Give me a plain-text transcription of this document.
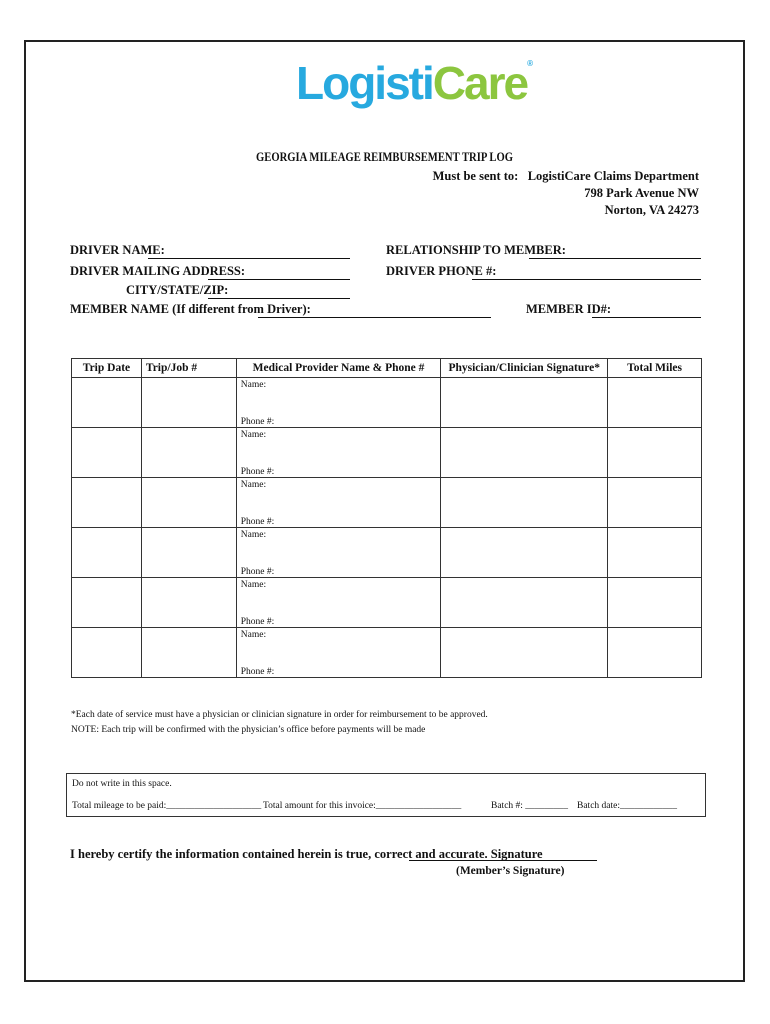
LogistiCare®
GEORGIA MILEAGE REIMBURSEMENT TRIP LOG
Must be sent to: LogistiCare Claims Department
798 Park Avenue NW
Norton, VA 24273
DRIVER NAME:
DRIVER MAILING ADDRESS:
CITY/STATE/ZIP:
MEMBER NAME (If different from Driver):
RELATIONSHIP TO MEMBER:
DRIVER PHONE #:
MEMBER ID#:
Trip Date	Trip/Job #	Medical Provider Name & Phone #	Physician/Clinician Signature*	Total Miles

		Name:
Phone #:		

		Name:
Phone #:		

		Name:
Phone #:		

		Name:
Phone #:		

		Name:
Phone #:		

		Name:
Phone #:		

*Each date of service must have a physician or clinician signature in order for reimbursement to be approved.
NOTE: Each trip will be confirmed with the physician’s office before payments will be made
Do not write in this space.
Total mileage to be paid:____________________ Total amount for this invoice:__________________	Batch #: _________ Batch date:____________
I hereby certify the information contained herein is true, correct and accurate. Signature
(Member’s Signature)
